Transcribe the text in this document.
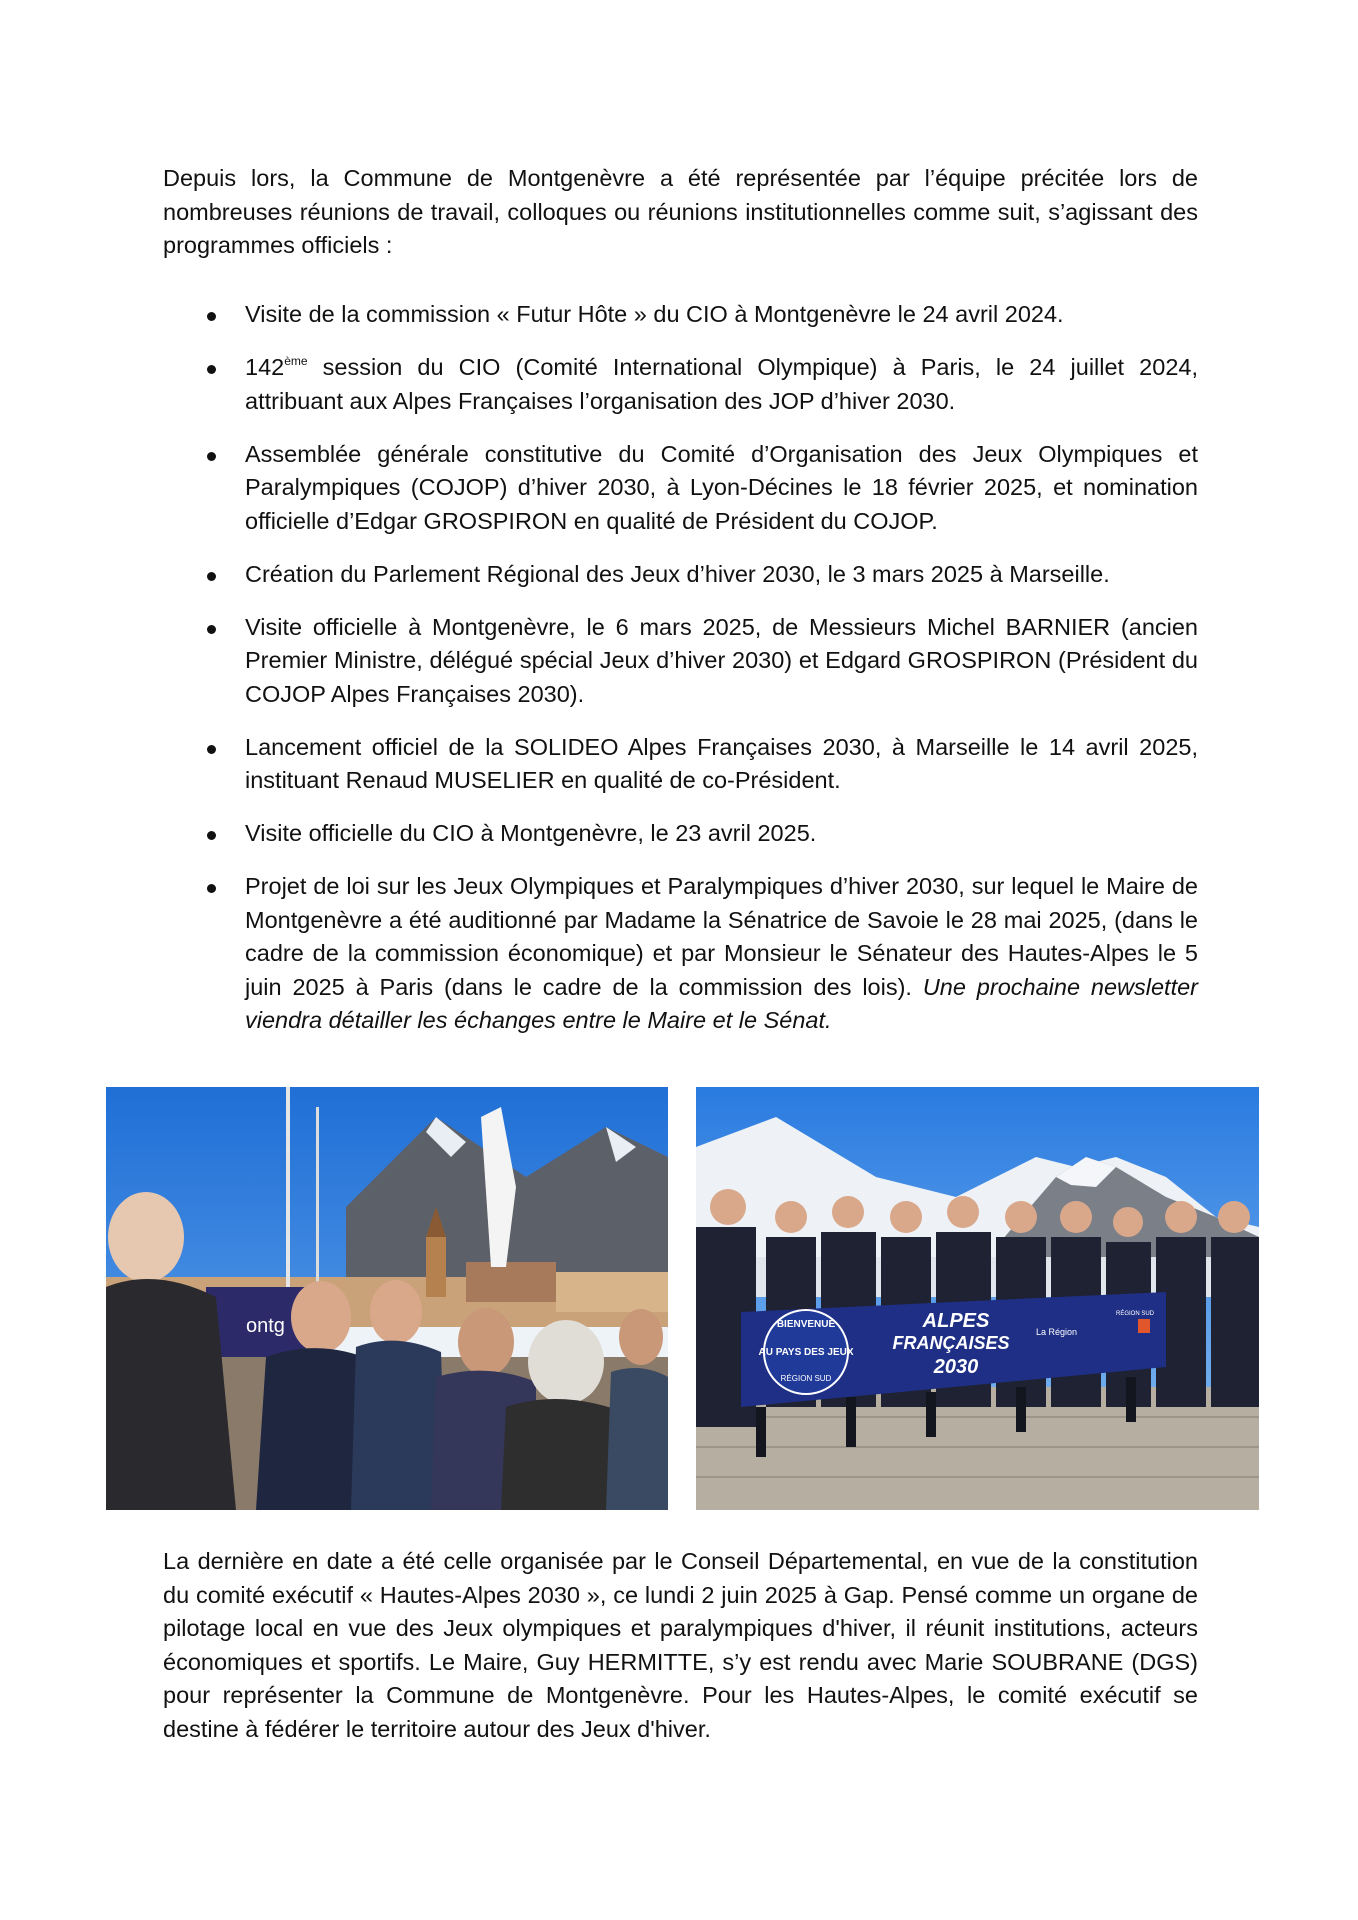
Depuis lors, la Commune de Montgenèvre a été représentée par l’équipe précitée lors de nombreuses réunions de travail, colloques ou réunions institutionnelles comme suit, s’agissant des programmes officiels :

Visite de la commission « Futur Hôte » du CIO à Montgenèvre le 24 avril 2024.
142ème session du CIO (Comité International Olympique) à Paris, le 24 juillet 2024, attribuant aux Alpes Françaises l’organisation des JOP d’hiver 2030.
Assemblée générale constitutive du Comité d’Organisation des Jeux Olympiques et Paralympiques (COJOP) d’hiver 2030, à Lyon-Décines le 18 février 2025, et nomination officielle d’Edgar GROSPIRON en qualité de Président du COJOP.
Création du Parlement Régional des Jeux d’hiver 2030, le 3 mars 2025 à Marseille.
Visite officielle à Montgenèvre, le 6 mars 2025, de Messieurs Michel BARNIER (ancien Premier Ministre, délégué spécial Jeux d’hiver 2030) et Edgard GROSPIRON (Président du COJOP Alpes Françaises 2030).
Lancement officiel de la SOLIDEO Alpes Françaises 2030, à Marseille le 14 avril 2025, instituant Renaud MUSELIER en qualité de co-Président.
Visite officielle du CIO à Montgenèvre, le 23 avril 2025.
Projet de loi sur les Jeux Olympiques et Paralympiques d’hiver 2030, sur lequel le Maire de Montgenèvre a été auditionné par Madame la Sénatrice de Savoie le 28 mai 2025, (dans le cadre de la commission économique) et par Monsieur le Sénateur des Hautes-Alpes le 5 juin 2025 à Paris (dans le cadre de la commission des lois). Une prochaine newsletter viendra détailler les échanges entre le Maire et le Sénat.
ontg	BIENVENUE
AU PAYS DES JEUX
RÉGION SUD
ALPES
FRANÇAISES
2030
La Région
RÉGION SUD

La dernière en date a été celle organisée par le Conseil Départemental, en vue de la constitution du comité exécutif « Hautes-Alpes 2030 », ce lundi 2 juin 2025 à Gap. Pensé comme un organe de pilotage local en vue des Jeux olympiques et paralympiques d'hiver, il réunit institutions, acteurs économiques et sportifs. Le Maire, Guy HERMITTE, s’y est rendu avec Marie SOUBRANE (DGS) pour représenter la Commune de Montgenèvre. Pour les Hautes-Alpes, le comité exécutif se destine à fédérer le territoire autour des Jeux d'hiver.
